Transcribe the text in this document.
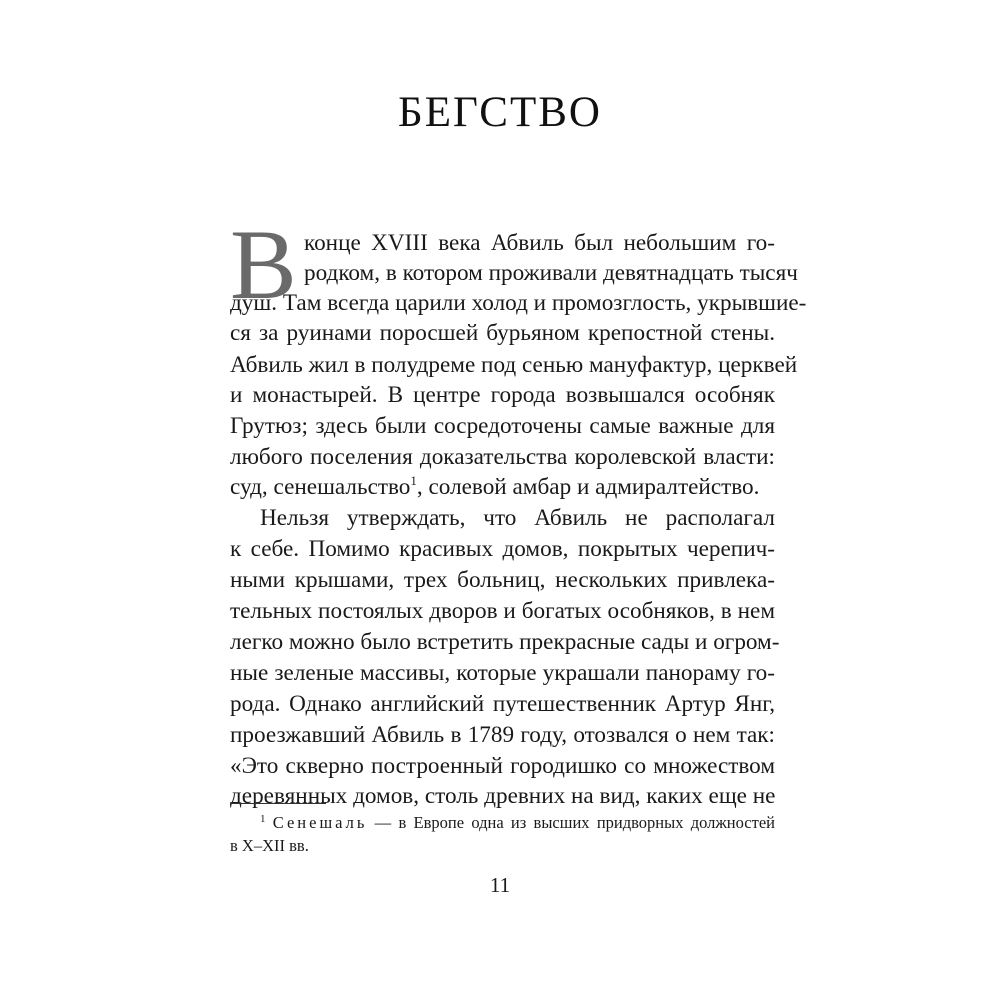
БЕГСТВО
В конце XVIII века Абвиль был небольшим го-
родком, в котором проживали девятнадцать тысяч
душ. Там всегда царили холод и промозглость, укрывшие-
ся за руинами поросшей бурьяном крепостной стены.
Абвиль жил в полудреме под сенью мануфактур, церквей
и монастырей. В центре города возвышался особняк
Грутюз; здесь были сосредоточены самые важные для
любого поселения доказательства королевской власти:
суд, сенешальство$^1$, солевой амбар и адмиралтейство.
Нельзя утверждать, что Абвиль не располагал
к себе. Помимо красивых домов, покрытых черепич-
ными крышами, трех больниц, нескольких привлека-
тельных постоялых дворов и богатых особняков, в нем
легко можно было встретить прекрасные сады и огром-
ные зеленые массивы, которые украшали панораму го-
рода. Однако английский путешественник Артур Янг,
проезжавший Абвиль в 1789 году, отозвался о нем так:
«Это скверно построенный городишко со множеством
деревянных домов, столь древних на вид, каких еще не
$^1$ Сенешаль — в Европе одна из высших придворных должностей
в X–XII вв.
11
